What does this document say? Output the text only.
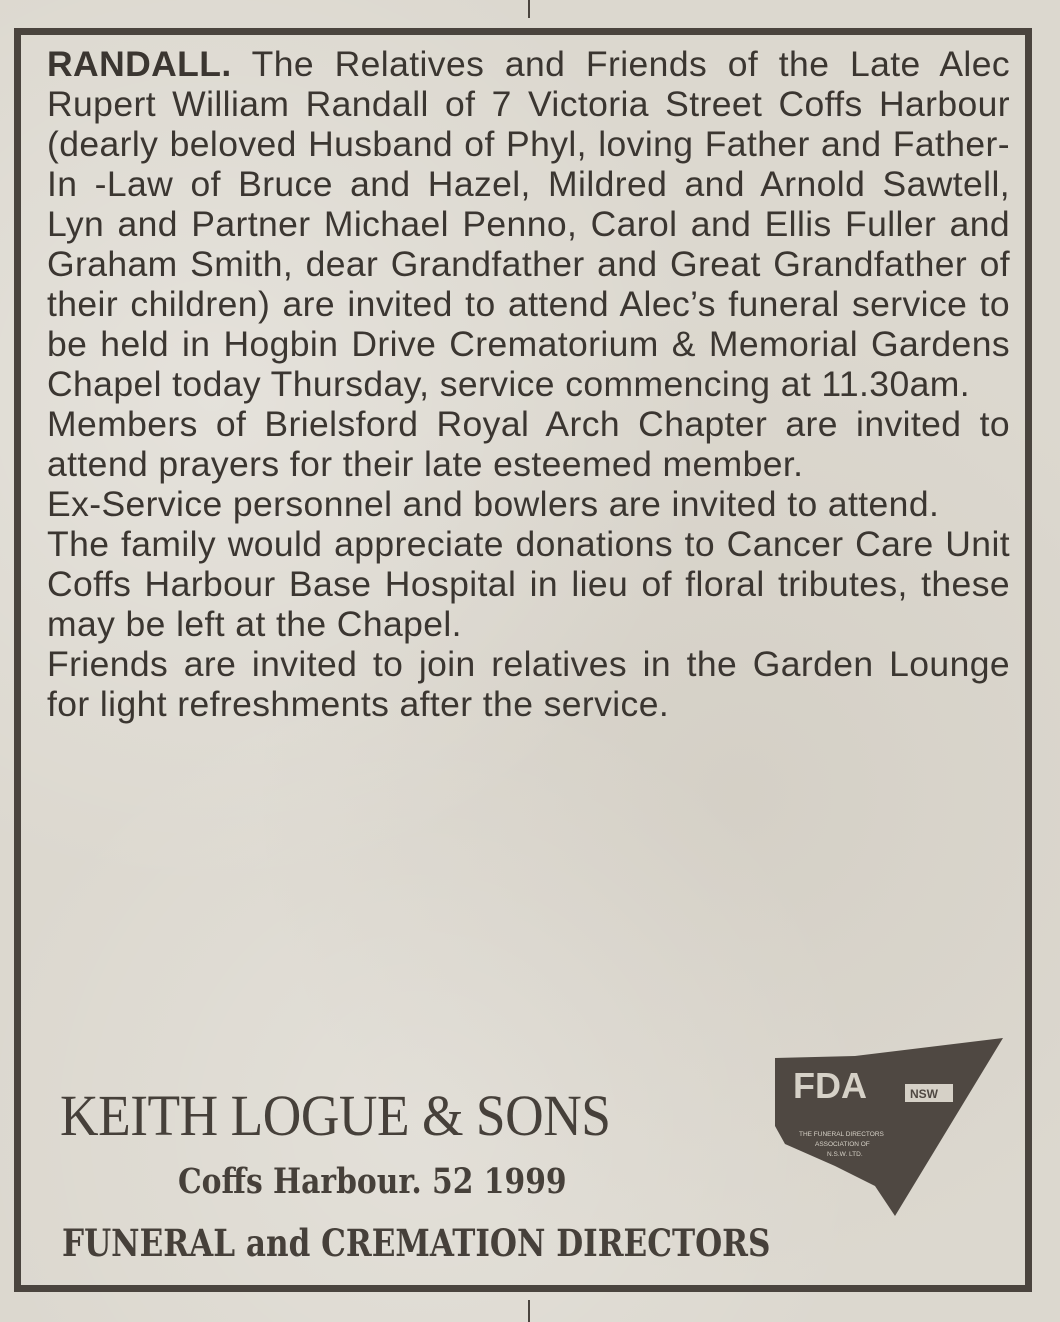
RANDALL. The Relatives and Friends of the Late Alec Rupert William Randall of 7 Victoria Street Coffs Harbour (dearly beloved Husband of Phyl, loving Father and Father-In -Law of Bruce and Hazel, Mildred and Arnold Sawtell, Lyn and Partner Michael Penno, Carol and Ellis Fuller and Graham Smith, dear Grandfather and Great Grandfather of their children) are invited to attend Alec’s funeral service to be held in Hogbin Drive Crematorium & Memorial Gardens Chapel today Thursday, service commencing at 11.30am.

Members of Brielsford Royal Arch Chapter are invited to attend prayers for their late esteemed member.

Ex-Service personnel and bowlers are invited to attend.

The family would appreciate donations to Cancer Care Unit Coffs Harbour Base Hospital in lieu of floral tributes, these may be left at the Chapel.

Friends are invited to join relatives in the Garden Lounge for light refreshments after the service.

KEITH LOGUE & SONS
Coffs Harbour. 52 1999
FUNERAL and CREMATION DIRECTORS
FDA	NSW
THE FUNERAL DIRECTORS
ASSOCIATION OF
N.S.W. LTD.
